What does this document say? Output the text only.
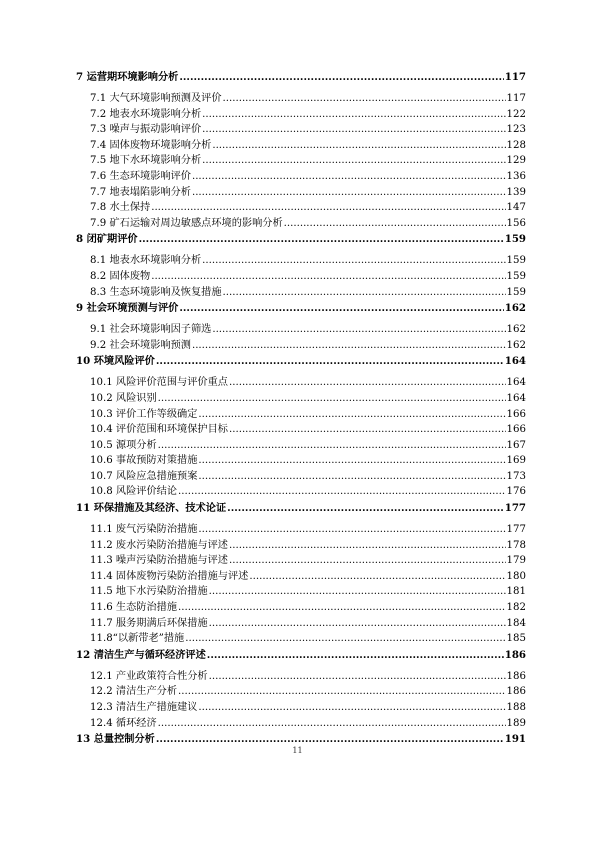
7 运营期环境影响分析 .....	117
7.1 大气环境影响预测及评价 .....	117
7.2 地表水环境影响分析 .....	122
7.3 噪声与振动影响评价 .....	123
7.4 固体废物环境影响分析 .....	128
7.5 地下水环境影响分析 .....	129
7.6 生态环境影响评价 .....	136
7.7 地表塌陷影响分析 .....	139
7.8 水土保持 .....	147
7.9 矿石运输对周边敏感点环境的影响分析 .....	156
8 闭矿期评价 .....	159
8.1 地表水环境影响分析 .....	159
8.2 固体废物 .....	159
8.3 生态环境影响及恢复措施 .....	159
9 社会环境预测与评价 .....	162
9.1 社会环境影响因子筛选 .....	162
9.2 社会环境影响预测 .....	162
10 环境风险评价 .....	164
10.1 风险评价范围与评价重点 .....	164
10.2 风险识别 .....	164
10.3 评价工作等级确定 .....	166
10.4 评价范围和环境保护目标 .....	166
10.5 源项分析 .....	167
10.6 事故预防对策措施 .....	169
10.7 风险应急措施预案 .....	173
10.8 风险评价结论 .....	176
11 环保措施及其经济、技术论证 .....	177
11.1 废气污染防治措施 .....	177
11.2 废水污染防治措施与评述 .....	178
11.3 噪声污染防治措施与评述 .....	179
11.4 固体废物污染防治措施与评述 .....	180
11.5 地下水污染防治措施 .....	181
11.6 生态防治措施 .....	182
11.7 服务期满后环保措施 .....	184
11.8“以新带老”措施 .....	185
12 清洁生产与循环经济评述 .....	186
12.1 产业政策符合性分析 .....	186
12.2 清洁生产分析 .....	186
12.3 清洁生产措施建议 .....	188
12.4 循环经济 .....	189
13 总量控制分析 .....	191
11
